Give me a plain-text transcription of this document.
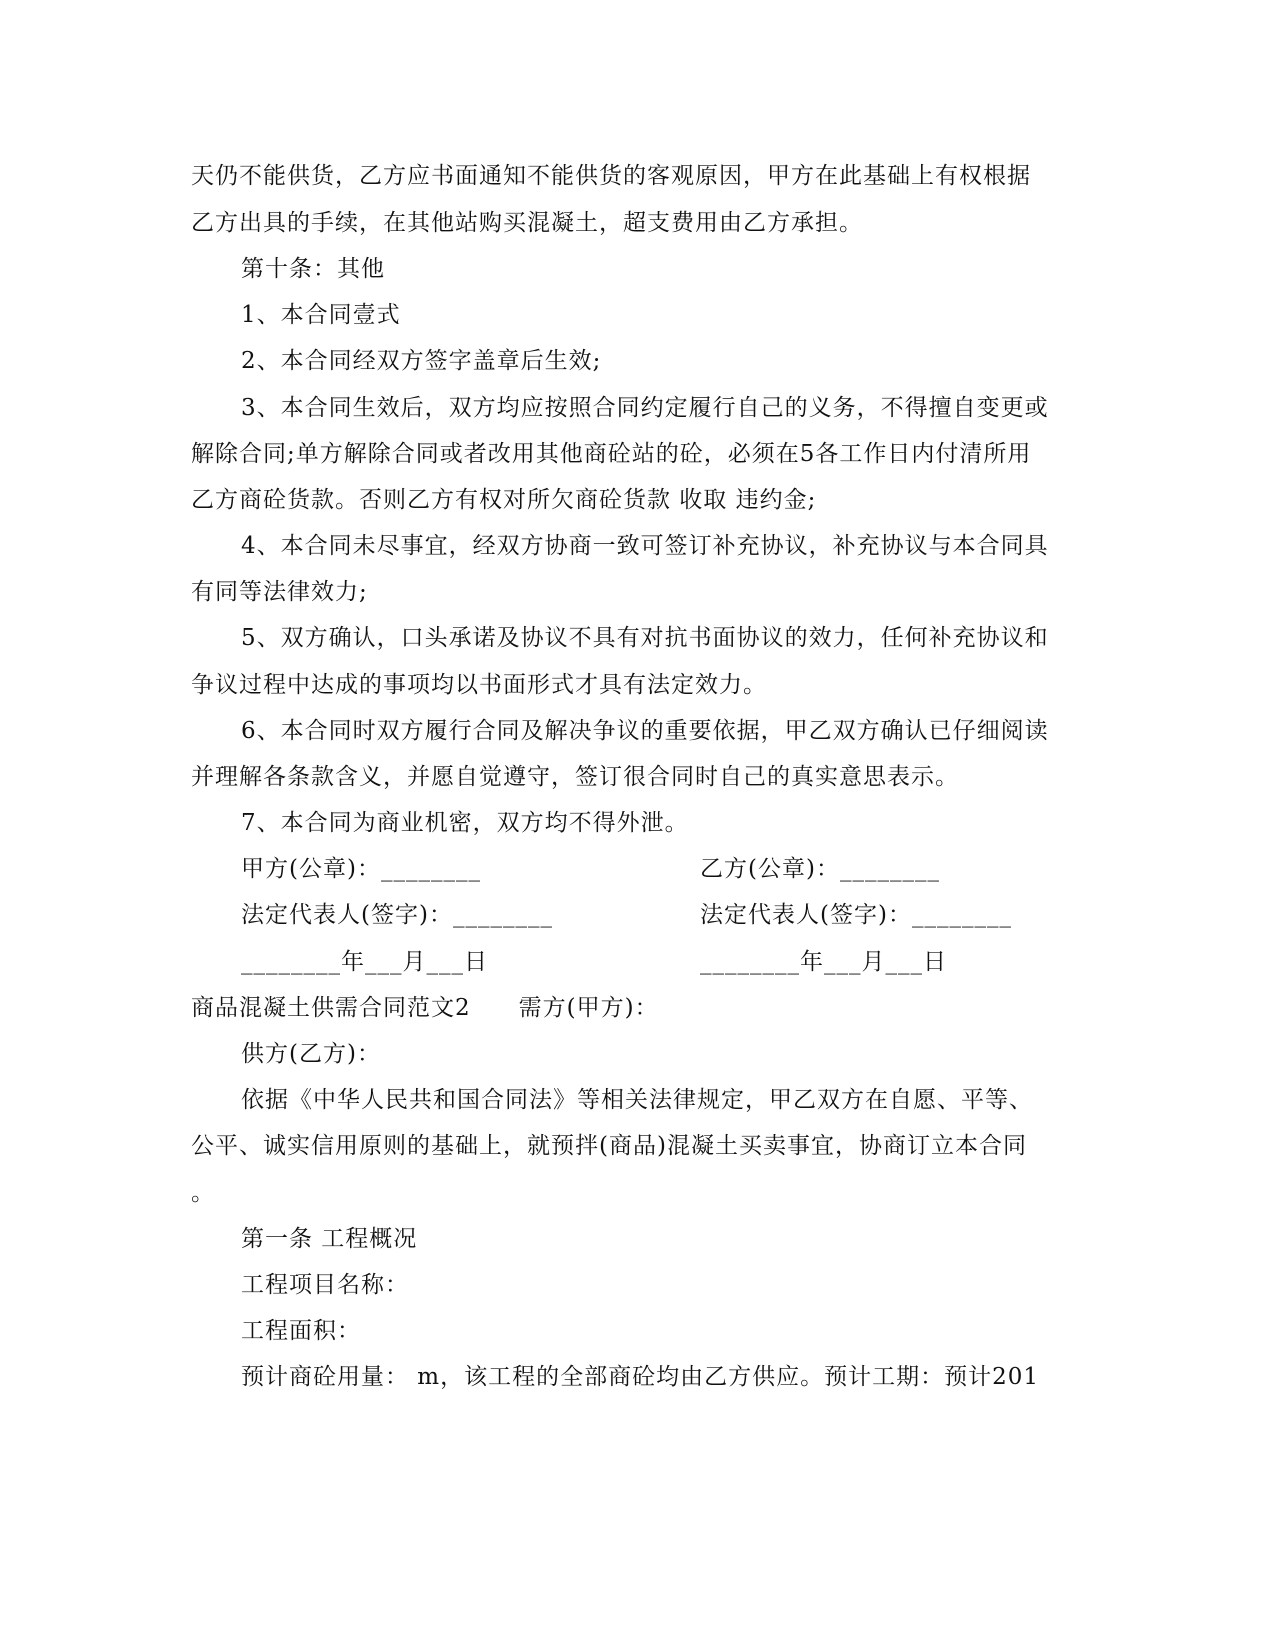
天仍不能供货，乙方应书面通知不能供货的客观原因，甲方在此基础上有权根据
乙方出具的手续，在其他站购买混凝土，超支费用由乙方承担。
第十条：其他
1、本合同壹式
2、本合同经双方签字盖章后生效;
3、本合同生效后，双方均应按照合同约定履行自己的义务，不得擅自变更或
解除合同;单方解除合同或者改用其他商砼站的砼，必须在5各工作日内付清所用
乙方商砼货款。否则乙方有权对所欠商砼货款 收取 违约金;
4、本合同未尽事宜，经双方协商一致可签订补充协议，补充协议与本合同具
有同等法律效力;
5、双方确认，口头承诺及协议不具有对抗书面协议的效力，任何补充协议和
争议过程中达成的事项均以书面形式才具有法定效力。
6、本合同时双方履行合同及解决争议的重要依据，甲乙双方确认已仔细阅读
并理解各条款含义，并愿自觉遵守，签订很合同时自己的真实意思表示。
7、本合同为商业机密，双方均不得外泄。
甲方(公章)：________	乙方(公章)：________
法定代表人(签字)：________	法定代表人(签字)：________
________年___月___日	________年___月___日
商品混凝土供需合同范文2　　需方(甲方)：
供方(乙方)：
依据《中华人民共和国合同法》等相关法律规定，甲乙双方在自愿、平等、
公平、诚实信用原则的基础上，就预拌(商品)混凝土买卖事宜，协商订立本合同
。
第一条 工程概况
工程项目名称：
工程面积：
预计商砼用量： m，该工程的全部商砼均由乙方供应。预计工期：预计201
